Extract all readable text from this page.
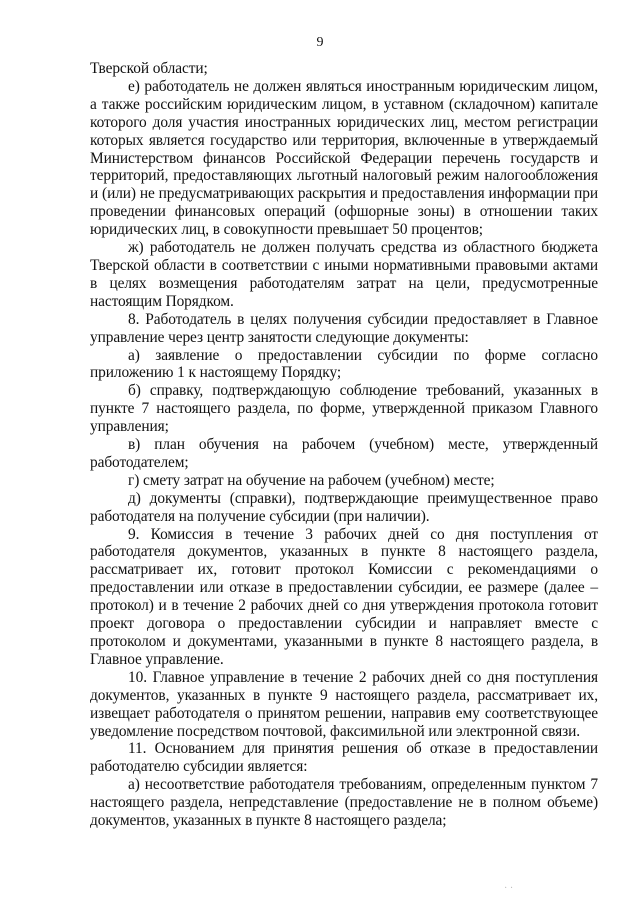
9

Тверской области;

е) работодатель не должен являться иностранным юридическим лицом, а также российским юридическим лицом, в уставном (складочном) капитале которого доля участия иностранных юридических лиц, местом регистрации которых является государство или территория, включенные в утверждаемый Министерством финансов Российской Федерации перечень государств и территорий, предоставляющих льготный налоговый режим налогообложения и (или) не предусматривающих раскрытия и предоставления информации при проведении финансовых операций (офшорные зоны) в отношении таких юридических лиц, в совокупности превышает 50 процентов;

ж) работодатель не должен получать средства из областного бюджета Тверской области в соответствии с иными нормативными правовыми актами в целях возмещения работодателям затрат на цели, предусмотренные настоящим Порядком.

8. Работодатель в целях получения субсидии предоставляет в Главное управление через центр занятости следующие документы:

а) заявление о предоставлении субсидии по форме согласно приложению 1 к настоящему Порядку;

б) справку, подтверждающую соблюдение требований, указанных в пункте 7 настоящего раздела, по форме, утвержденной приказом Главного управления;

в) план обучения на рабочем (учебном) месте, утвержденный работодателем;

г) смету затрат на обучение на рабочем (учебном) месте;

д) документы (справки), подтверждающие преимущественное право работодателя на получение субсидии (при наличии).

9. Комиссия в течение 3 рабочих дней со дня поступления от работодателя документов, указанных в пункте 8 настоящего раздела, рассматривает их, готовит протокол Комиссии с рекомендациями о предоставлении или отказе в предоставлении субсидии, ее размере (далее – протокол) и в течение 2 рабочих дней со дня утверждения протокола готовит проект договора о предоставлении субсидии и направляет вместе с протоколом и документами, указанными в пункте 8 настоящего раздела, в Главное управление.

10. Главное управление в течение 2 рабочих дней со дня поступления документов, указанных в пункте 9 настоящего раздела, рассматривает их, извещает работодателя о принятом решении, направив ему соответствующее уведомление посредством почтовой, факсимильной или электронной связи.

11. Основанием для принятия решения об отказе в предоставлении работодателю субсидии является:

а) несоответствие работодателя требованиям, определенным пунктом 7 настоящего раздела, непредставление (предоставление не в полном объеме) документов, указанных в пункте 8 настоящего раздела;

· ·
